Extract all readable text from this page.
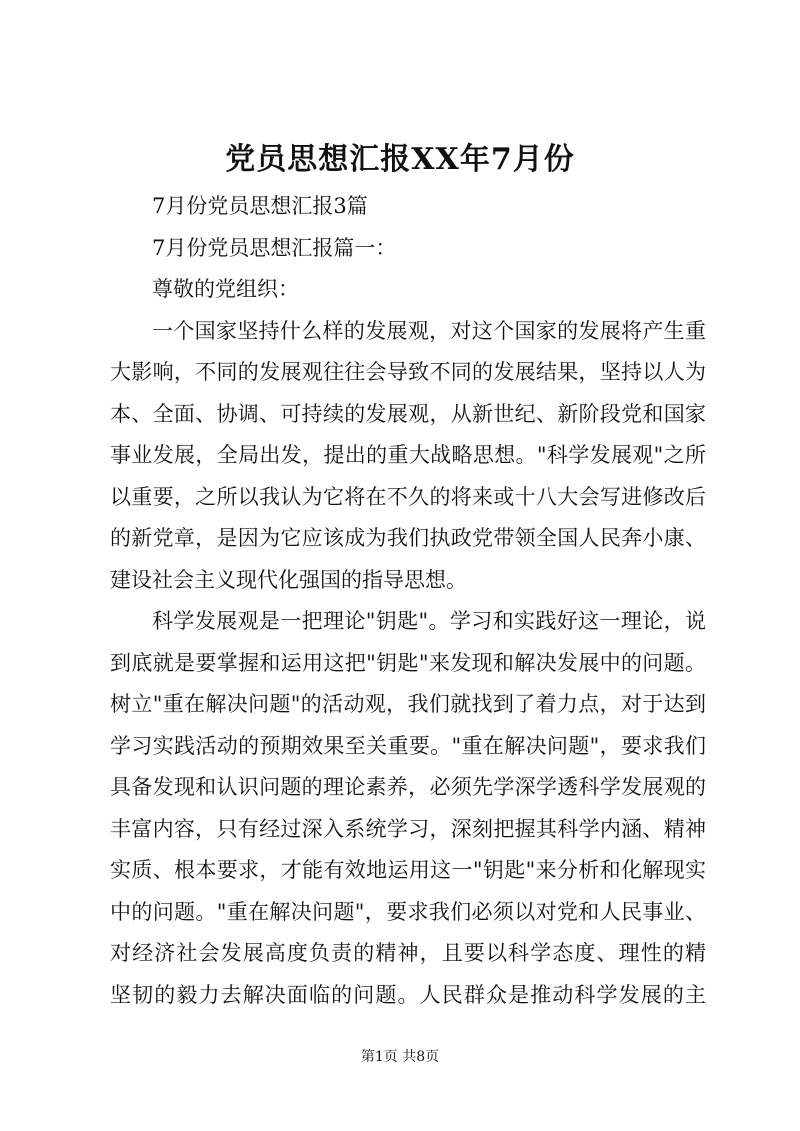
党员思想汇报XX年7月份

7月份党员思想汇报3篇

7月份党员思想汇报篇一：

尊敬的党组织：

一个国家坚持什么样的发展观，对这个国家的发展将产生重

大影响，不同的发展观往往会导致不同的发展结果，坚持以人为

本、全面、协调、可持续的发展观，从新世纪、新阶段党和国家

事业发展，全局出发，提出的重大战略思想。"科学发展观"之所

以重要，之所以我认为它将在不久的将来或十八大会写进修改后

的新党章，是因为它应该成为我们执政党带领全国人民奔小康、

建设社会主义现代化强国的指导思想。

科学发展观是一把理论"钥匙"。学习和实践好这一理论，说

到底就是要掌握和运用这把"钥匙"来发现和解决发展中的问题。

树立"重在解决问题"的活动观，我们就找到了着力点，对于达到

学习实践活动的预期效果至关重要。"重在解决问题"，要求我们

具备发现和认识问题的理论素养，必须先学深学透科学发展观的

丰富内容，只有经过深入系统学习，深刻把握其科学内涵、精神

实质、根本要求，才能有效地运用这一"钥匙"来分析和化解现实

中的问题。"重在解决问题"，要求我们必须以对党和人民事业、

对经济社会发展高度负责的精神，且要以科学态度、理性的精

坚韧的毅力去解决面临的问题。人民群众是推动科学发展的主

第1页 共8页
